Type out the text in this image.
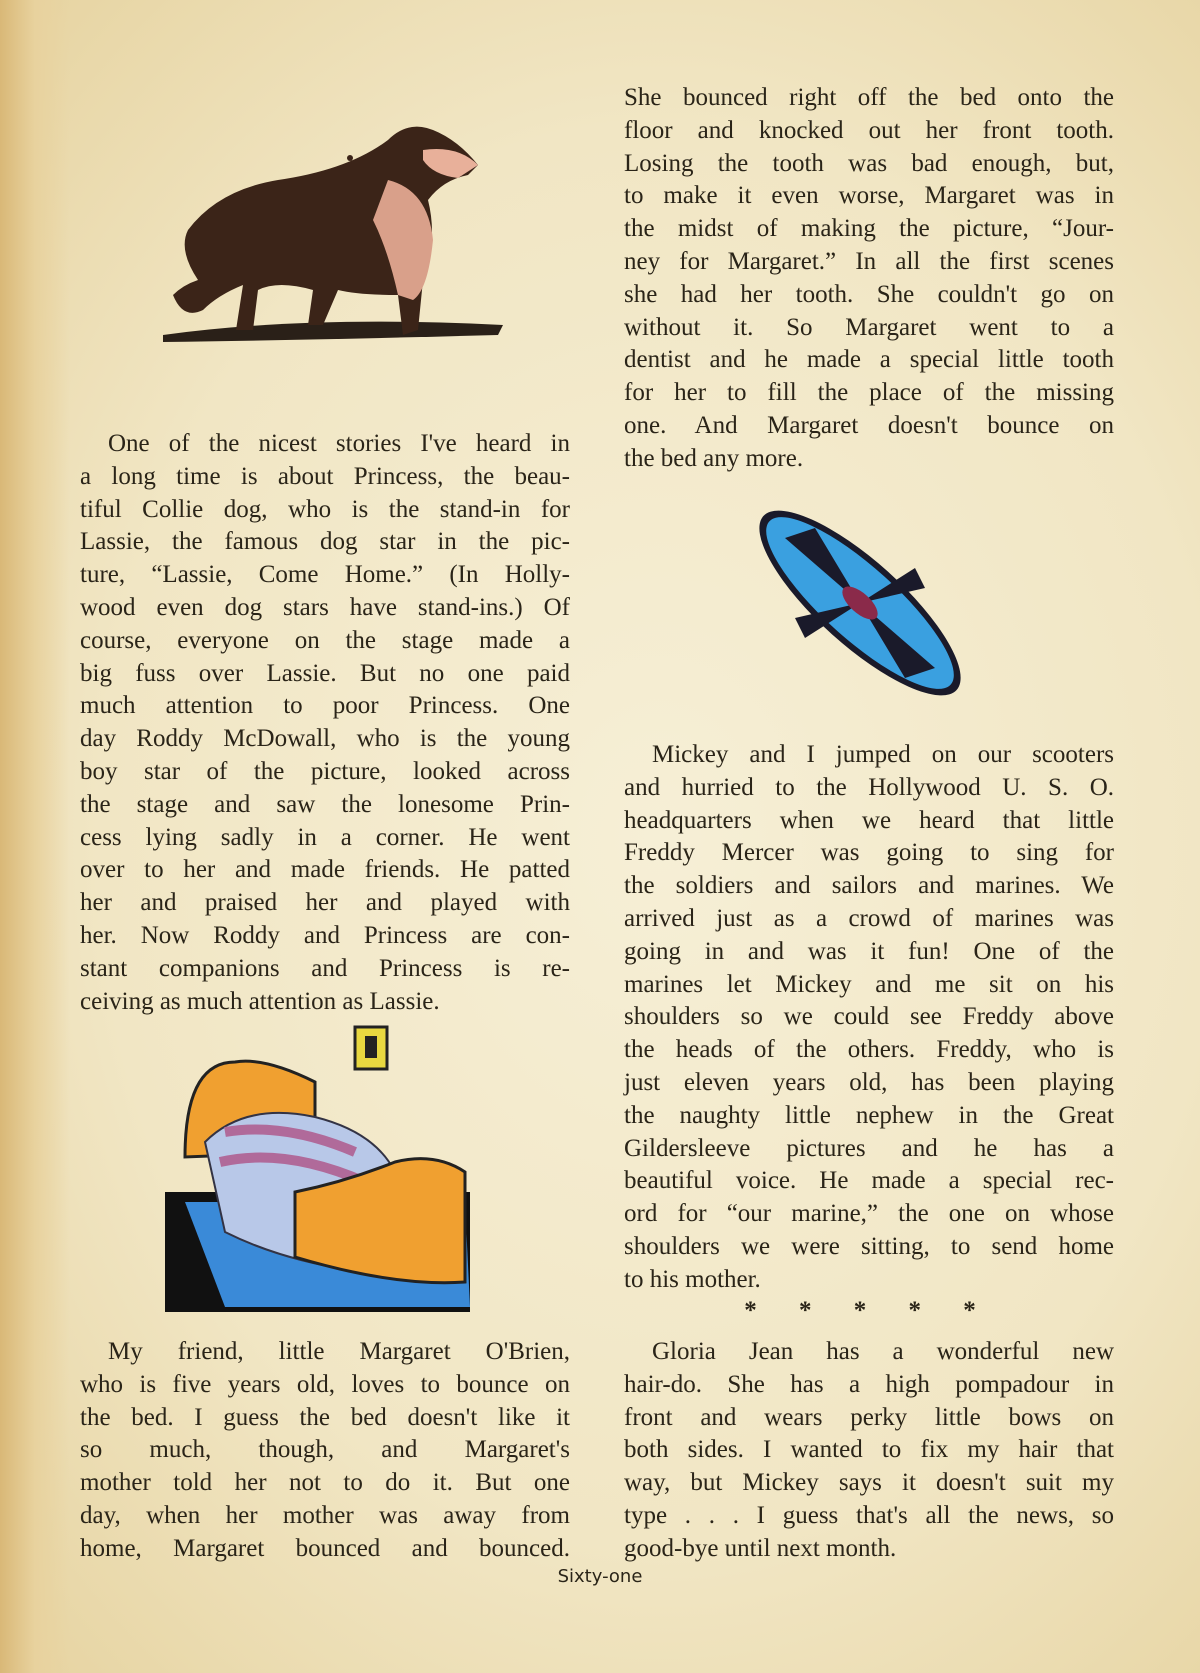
One of the nicest stories I've heard in
a long time is about Princess, the beau-
tiful Collie dog, who is the stand-in for
Lassie, the famous dog star in the pic-
ture, “Lassie, Come Home.” (In Holly-
wood even dog stars have stand-ins.) Of
course, everyone on the stage made a
big fuss over Lassie. But no one paid
much attention to poor Princess. One
day Roddy McDowall, who is the young
boy star of the picture, looked across
the stage and saw the lonesome Prin-
cess lying sadly in a corner. He went
over to her and made friends. He patted
her and praised her and played with
her. Now Roddy and Princess are con-
stant companions and Princess is re-
ceiving as much attention as Lassie.
My friend, little Margaret O'Brien,
who is five years old, loves to bounce on
the bed. I guess the bed doesn't like it
so much, though, and Margaret's
mother told her not to do it. But one
day, when her mother was away from
home, Margaret bounced and bounced.
She bounced right off the bed onto the
floor and knocked out her front tooth.
Losing the tooth was bad enough, but,
to make it even worse, Margaret was in
the midst of making the picture, “Jour-
ney for Margaret.” In all the first scenes
she had her tooth. She couldn't go on
without it. So Margaret went to a
dentist and he made a special little tooth
for her to fill the place of the missing
one. And Margaret doesn't bounce on
the bed any more.
Mickey and I jumped on our scooters
and hurried to the Hollywood U. S. O.
headquarters when we heard that little
Freddy Mercer was going to sing for
the soldiers and sailors and marines. We
arrived just as a crowd of marines was
going in and was it fun! One of the
marines let Mickey and me sit on his
shoulders so we could see Freddy above
the heads of the others. Freddy, who is
just eleven years old, has been playing
the naughty little nephew in the Great
Gildersleeve pictures and he has a
beautiful voice. He made a special rec-
ord for “our marine,” the one on whose
shoulders we were sitting, to send home
to his mother.
Gloria Jean has a wonderful new
hair-do. She has a high pompadour in
front and wears perky little bows on
both sides. I wanted to fix my hair that
way, but Mickey says it doesn't suit my
type . . . I guess that's all the news, so
good-bye until next month.
* * * * *
Sixty-one
